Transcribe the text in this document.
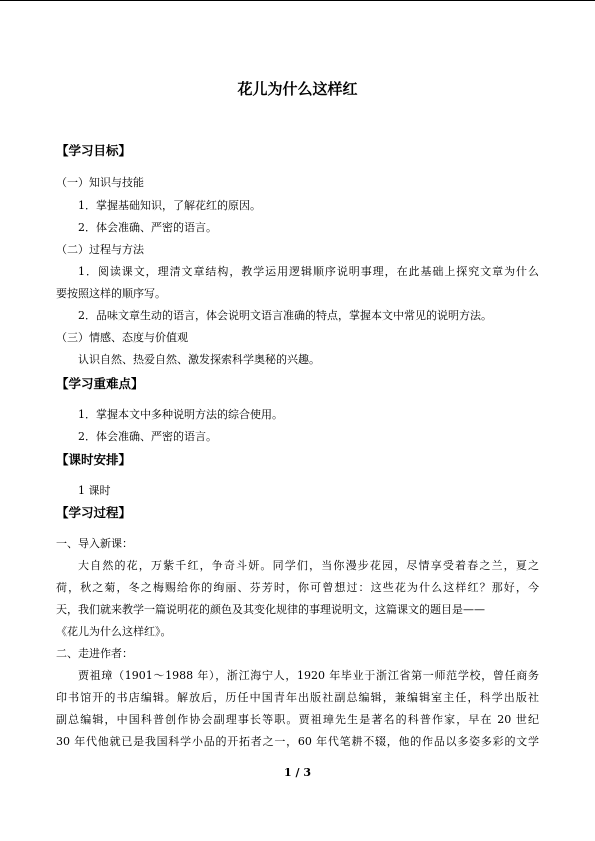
花儿为什么这样红
【学习目标】
（一）知识与技能
1．掌握基础知识，了解花红的原因。
2．体会准确、严密的语言。
（二）过程与方法
1．阅读课文，理清文章结构，教学运用逻辑顺序说明事理，在此基础上探究文章为什么
要按照这样的顺序写。
2．品味文章生动的语言，体会说明文语言准确的特点，掌握本文中常见的说明方法。
（三）情感、态度与价值观
认识自然、热爱自然、激发探索科学奥秘的兴趣。
【学习重难点】
1．掌握本文中多种说明方法的综合使用。
2．体会准确、严密的语言。
【课时安排】
1 课时
【学习过程】
一、导入新课：
大自然的花，万紫千红，争奇斗妍。同学们，当你漫步花园，尽情享受着春之兰，夏之
荷，秋之菊，冬之梅赐给你的绚丽、芬芳时，你可曾想过：这些花为什么这样红？那好，今
天，我们就来教学一篇说明花的颜色及其变化规律的事理说明文，这篇课文的题目是——
《花儿为什么这样红》。
二、走进作者：
贾祖璋（1901～1988 年），浙江海宁人，1920 年毕业于浙江省第一师范学校，曾任商务
印书馆开的书店编辑。解放后，历任中国青年出版社副总编辑，兼编辑室主任，科学出版社
副总编辑，中国科普创作协会副理事长等职。贾祖璋先生是著名的科普作家，早在 20 世纪
30 年代他就已是我国科学小品的开拓者之一，60 年代笔耕不辍，他的作品以多姿多彩的文学
1 / 3
